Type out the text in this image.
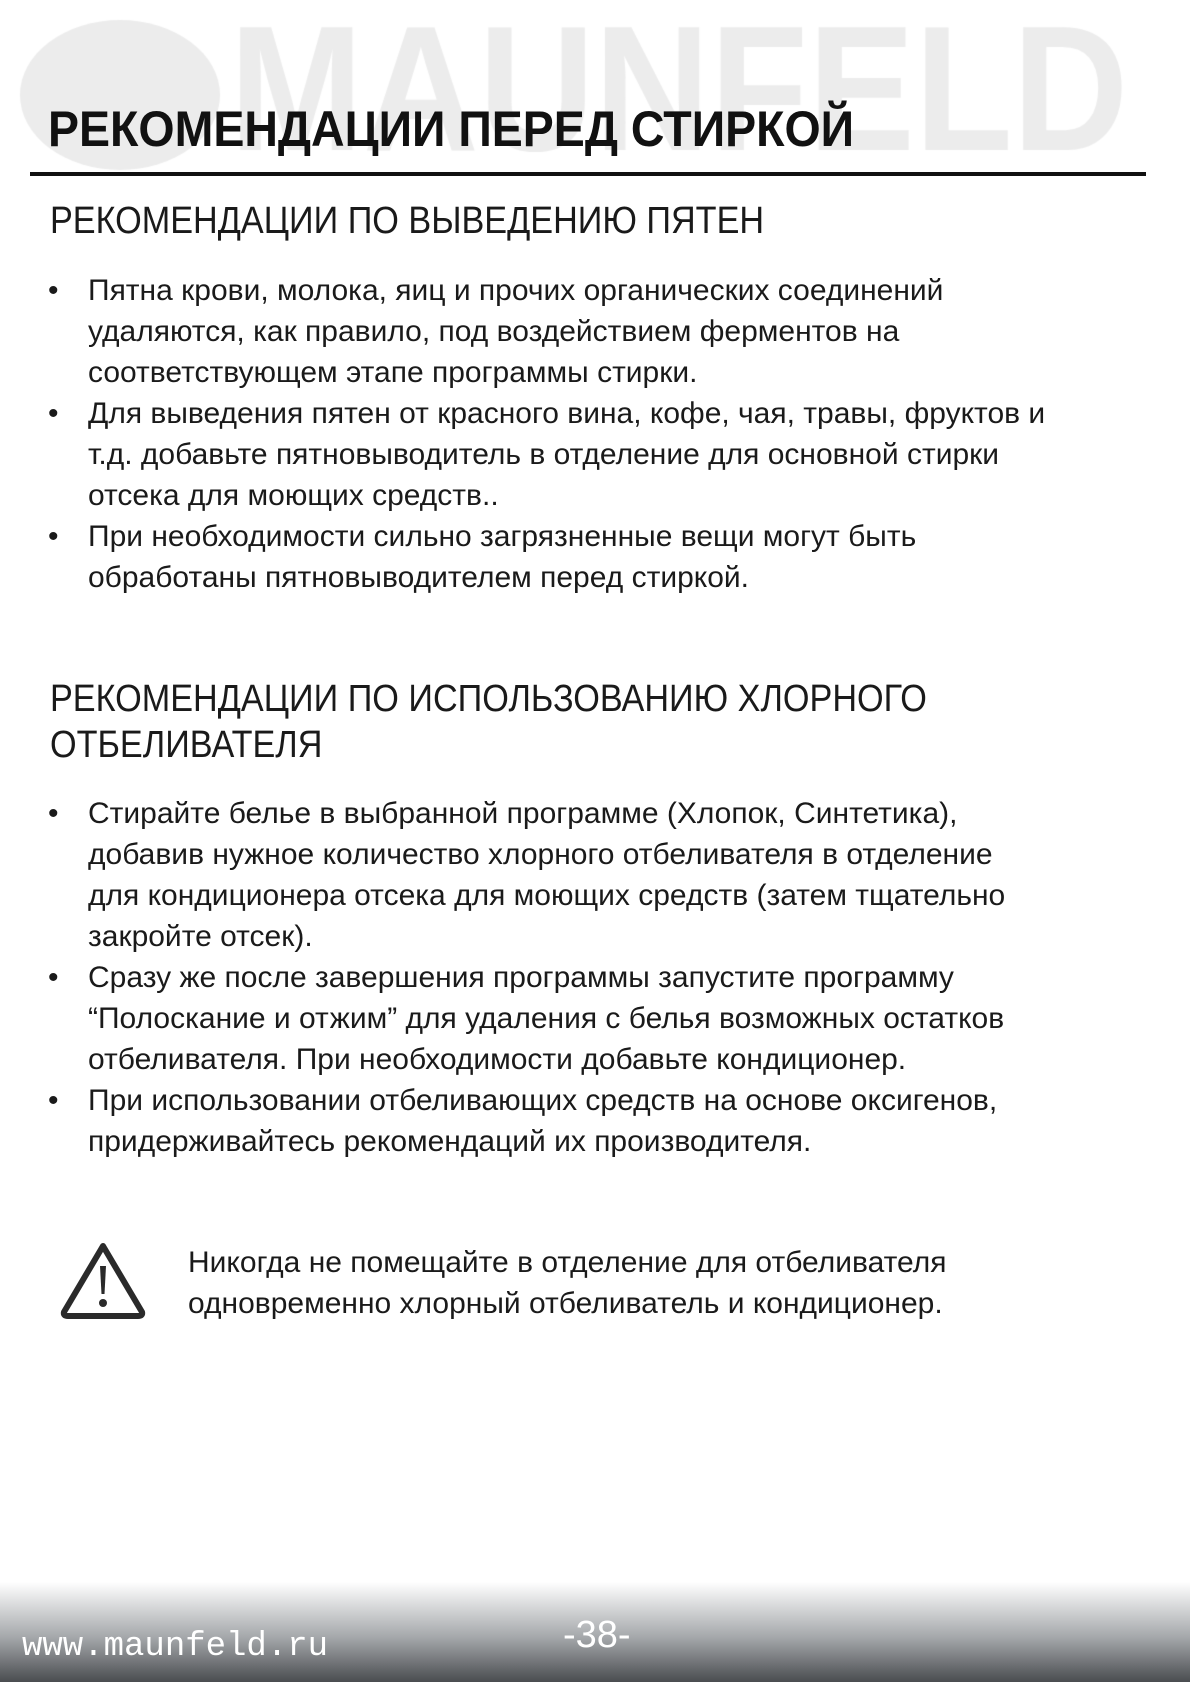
РЕКОМЕНДАЦИИ ПЕРЕД СТИРКОЙ
РЕКОМЕНДАЦИИ ПО ВЫВЕДЕНИЮ ПЯТЕН
• Пятна крови, молока, яиц и прочих органических соединений
удаляются, как правило, под воздействием ферментов на
соответствующем этапе программы стирки.
• Для выведения пятен от красного вина, кофе, чая, травы, фруктов и
т.д. добавьте пятновыводитель в отделение для основной стирки
отсека для моющих средств..
• При необходимости сильно загрязненные вещи могут быть
обработаны пятновыводителем перед стиркой.
РЕКОМЕНДАЦИИ ПО ИСПОЛЬЗОВАНИЮ ХЛОРНОГО
ОТБЕЛИВАТЕЛЯ
• Стирайте белье в выбранной программе (Хлопок, Синтетика),
добавив нужное количество хлорного отбеливателя в отделение
для кондиционера отсека для моющих средств (затем тщательно
закройте отсек).
• Сразу же после завершения программы запустите программу
“Полоскание и отжим” для удаления с белья возможных остатков
отбеливателя. При необходимости добавьте кондиционер.
• При использовании отбеливающих средств на основе оксигенов,
придерживайтесь рекомендаций их производителя.
Никогда не помещайте в отделение для отбеливателя
одновременно хлорный отбеливатель и кондиционер.
www.maunfeld.ru	-38-
